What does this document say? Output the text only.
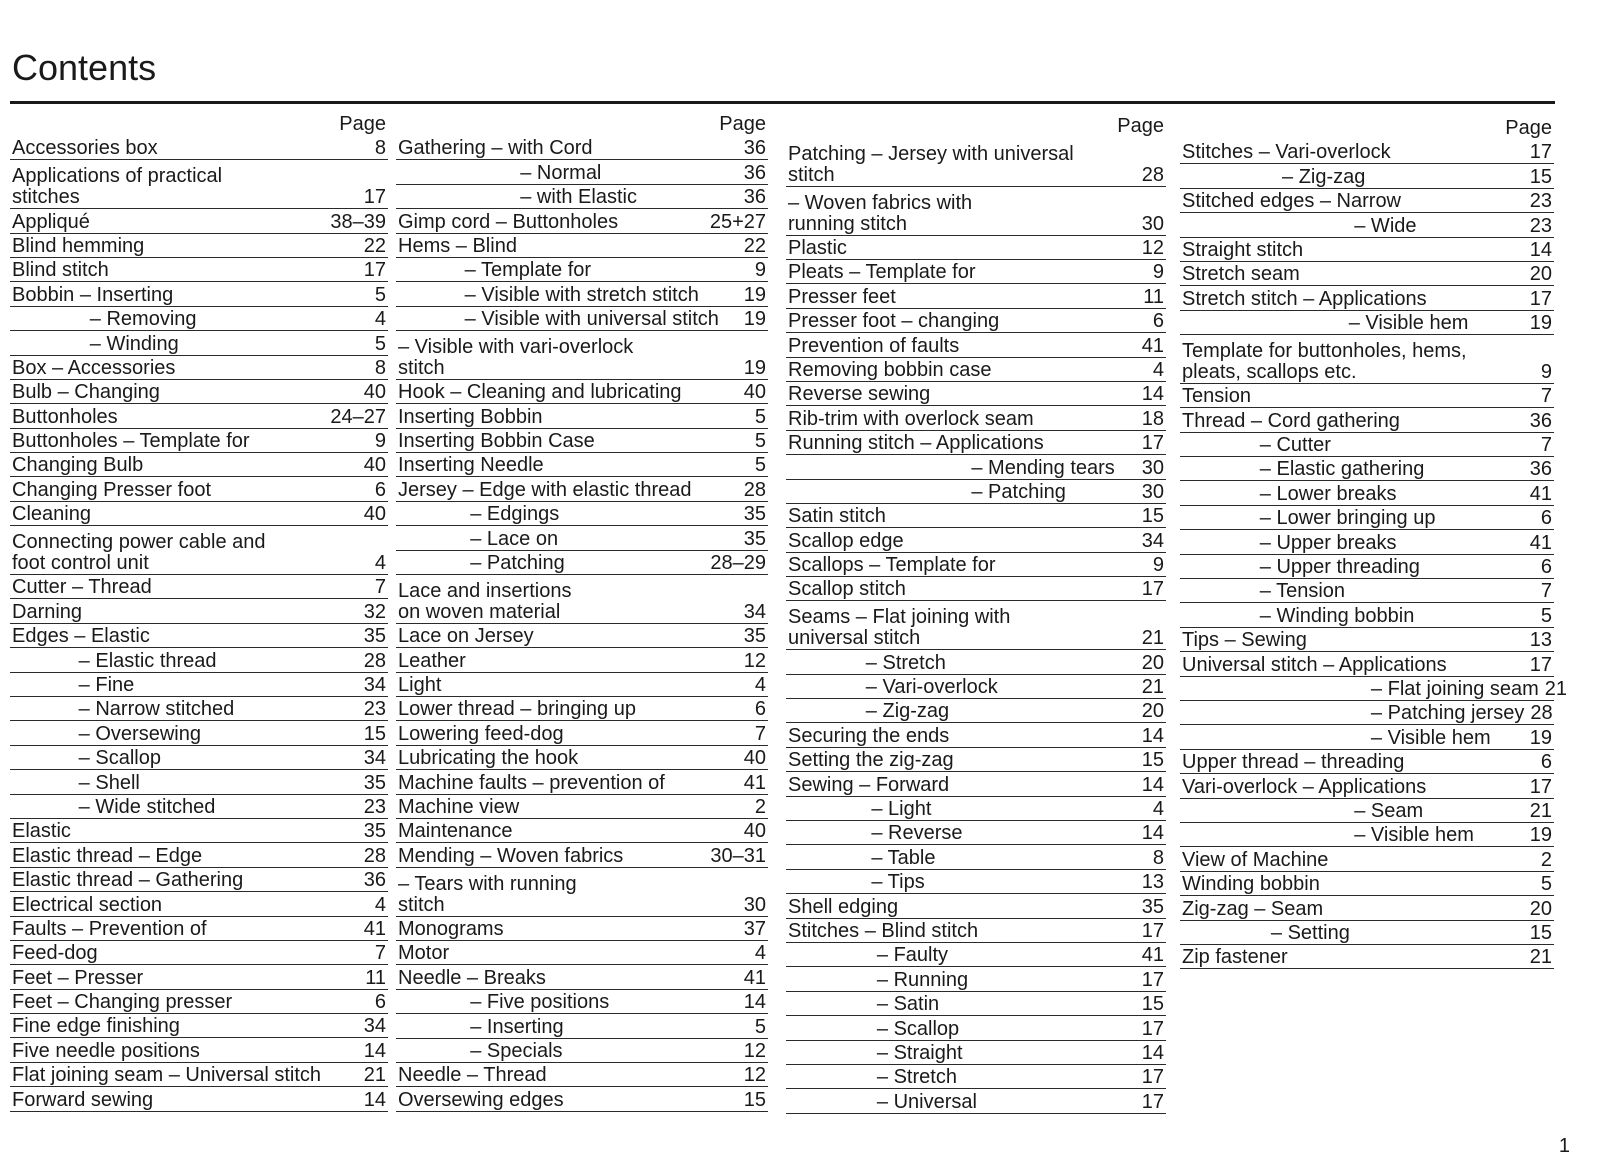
Contents
Page
Accessories box	8
Applications of practical
stitches	17
Appliqué	38–39
Blind hemming	22
Blind stitch	17
Bobbin – Inserting	5
– Removing	4
– Winding	5
Box – Accessories	8
Bulb – Changing	40
Buttonholes	24–27
Buttonholes – Template for	9
Changing Bulb	40
Changing Presser foot	6
Cleaning	40
Connecting power cable and
foot control unit	4
Cutter – Thread	7
Darning	32
Edges – Elastic	35
– Elastic thread	28
– Fine	34
– Narrow stitched	23
– Oversewing	15
– Scallop	34
– Shell	35
– Wide stitched	23
Elastic	35
Elastic thread – Edge	28
Elastic thread – Gathering	36
Electrical section	4
Faults – Prevention of	41
Feed-dog	7
Feet – Presser	11
Feet – Changing presser	6
Fine edge finishing	34
Five needle positions	14
Flat joining seam – Universal stitch	21
Forward sewing	14
Page
Gathering – with Cord	36
– Normal	36
– with Elastic	36
Gimp cord – Buttonholes	25+27
Hems – Blind	22
– Template for	9
– Visible with stretch stitch	19
– Visible with universal stitch	19
– Visible with vari-overlock
stitch	19
Hook – Cleaning and lubricating	40
Inserting Bobbin	5
Inserting Bobbin Case	5
Inserting Needle	5
Jersey – Edge with elastic thread	28
– Edgings	35
– Lace on	35
– Patching	28–29
Lace and insertions
on woven material	34
Lace on Jersey	35
Leather	12
Light	4
Lower thread – bringing up	6
Lowering feed-dog	7
Lubricating the hook	40
Machine faults – prevention of	41
Machine view	2
Maintenance	40
Mending – Woven fabrics	30–31
– Tears with running
stitch	30
Monograms	37
Motor	4
Needle – Breaks	41
– Five positions	14
– Inserting	5
– Specials	12
Needle – Thread	12
Oversewing edges	15
Page
Patching – Jersey with universal
stitch	28
– Woven fabrics with
running stitch	30
Plastic	12
Pleats – Template for	9
Presser feet	11
Presser foot – changing	6
Prevention of faults	41
Removing bobbin case	4
Reverse sewing	14
Rib-trim with overlock seam	18
Running stitch – Applications	17
– Mending tears	30
– Patching	30
Satin stitch	15
Scallop edge	34
Scallops – Template for	9
Scallop stitch	17
Seams – Flat joining with
universal stitch	21
– Stretch	20
– Vari-overlock	21
– Zig-zag	20
Securing the ends	14
Setting the zig-zag	15
Sewing – Forward	14
– Light	4
– Reverse	14
– Table	8
– Tips	13
Shell edging	35
Stitches – Blind stitch	17
– Faulty	41
– Running	17
– Satin	15
– Scallop	17
– Straight	14
– Stretch	17
– Universal	17
Page
Stitches – Vari-overlock	17
– Zig-zag	15
Stitched edges – Narrow	23
– Wide	23
Straight stitch	14
Stretch seam	20
Stretch stitch – Applications	17
– Visible hem	19
Template for buttonholes, hems,
pleats, scallops etc.	9
Tension	7
Thread – Cord gathering	36
– Cutter	7
– Elastic gathering	36
– Lower breaks	41
– Lower bringing up	6
– Upper breaks	41
– Upper threading	6
– Tension	7
– Winding bobbin	5
Tips – Sewing	13
Universal stitch – Applications	17
– Flat joining seam 21
– Patching jersey 28
– Visible hem	19
Upper thread – threading	6
Vari-overlock – Applications	17
– Seam	21
– Visible hem	19
View of Machine	2
Winding bobbin	5
Zig-zag – Seam	20
– Setting	15
Zip fastener	21
1
